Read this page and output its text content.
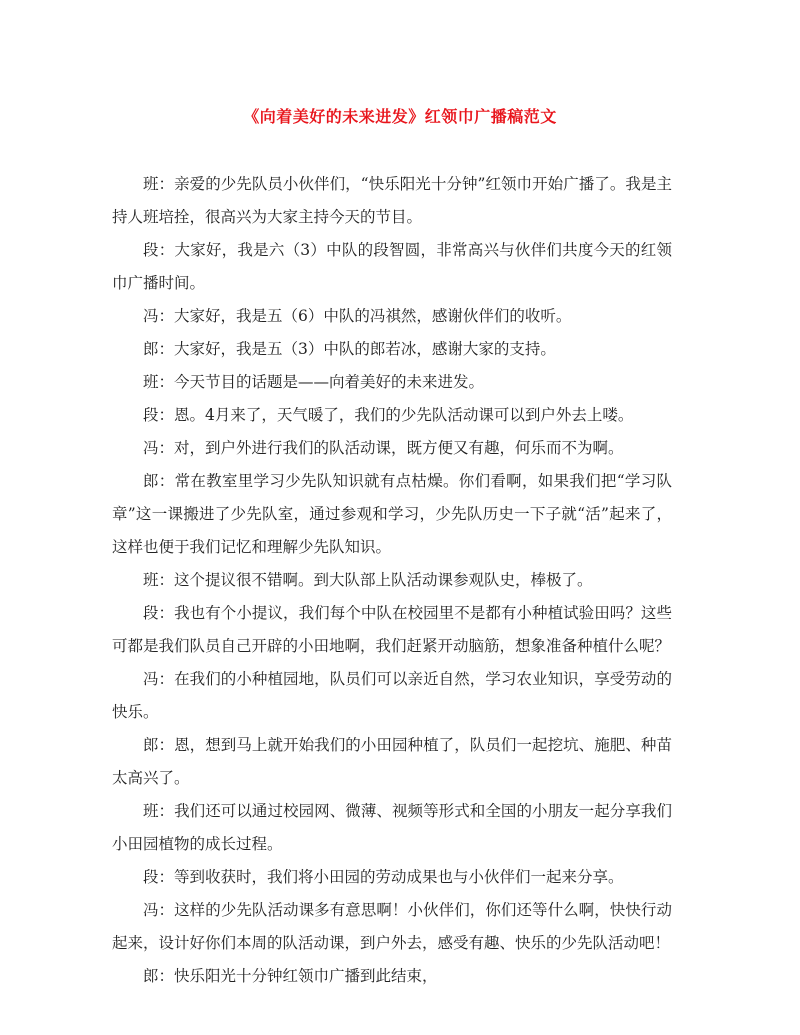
《向着美好的未来进发》红领巾广播稿范文

班：亲爱的少先队员小伙伴们，“快乐阳光十分钟”红领巾开始广播了。我是主持人班培拴，很高兴为大家主持今天的节目。

段：大家好，我是六（3）中队的段智圆，非常高兴与伙伴们共度今天的红领巾广播时间。

冯：大家好，我是五（6）中队的冯祺然，感谢伙伴们的收听。

郎：大家好，我是五（3）中队的郎若冰，感谢大家的支持。

班：今天节目的话题是——向着美好的未来进发。

段：恩。4月来了，天气暖了，我们的少先队活动课可以到户外去上喽。

冯：对，到户外进行我们的队活动课，既方便又有趣，何乐而不为啊。

郎：常在教室里学习少先队知识就有点枯燥。你们看啊，如果我们把“学习队章”这一课搬进了少先队室，通过参观和学习，少先队历史一下子就“活”起来了，这样也便于我们记忆和理解少先队知识。

班：这个提议很不错啊。到大队部上队活动课参观队史，棒极了。

段：我也有个小提议，我们每个中队在校园里不是都有小种植试验田吗？这些可都是我们队员自己开辟的小田地啊，我们赶紧开动脑筋，想象准备种植什么呢？

冯：在我们的小种植园地，队员们可以亲近自然，学习农业知识，享受劳动的快乐。

郎：恩，想到马上就开始我们的小田园种植了，队员们一起挖坑、施肥、种苗太高兴了。

班：我们还可以通过校园网、微薄、视频等形式和全国的小朋友一起分享我们小田园植物的成长过程。

段：等到收获时，我们将小田园的劳动成果也与小伙伴们一起来分享。

冯：这样的少先队活动课多有意思啊！小伙伴们，你们还等什么啊，快快行动起来，设计好你们本周的队活动课，到户外去，感受有趣、快乐的少先队活动吧！

郎：快乐阳光十分钟红领巾广播到此结束，
